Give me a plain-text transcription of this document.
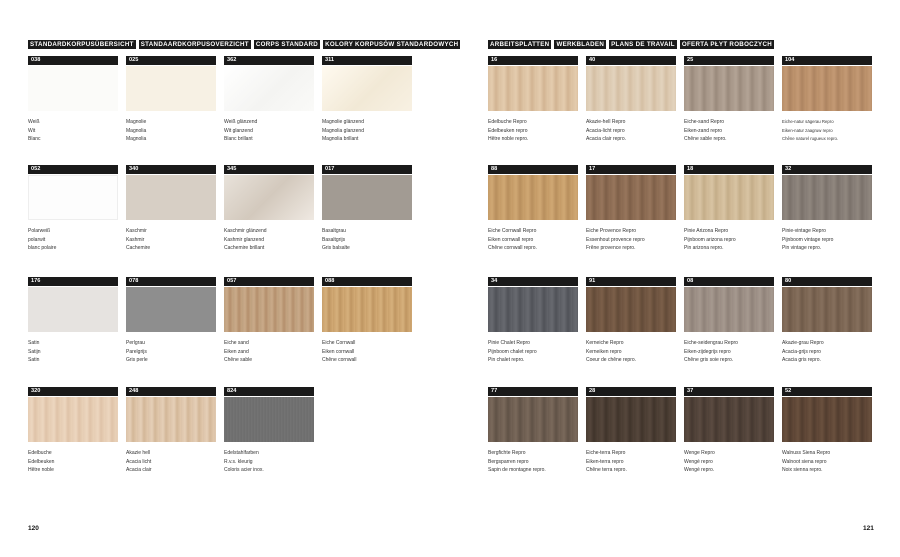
STANDARDKORPUSÜBERSICHT	STANDAARDKORPUSOVERZICHT	CORPS STANDARD	KOLORY KORPUSÓW STANDARDOWYCH
038
Weiß
Wit
Blanc
025
Magnolie
Magnolia
Magnolia
362
Weiß glänzend
Wit glanzend
Blanc brillant
311
Magnolie glänzend
Magnolia glanzend
Magnolia brillant
052
Polarweiß
polarwit
blanc polaire
340
Kaschmir
Kashmir
Cachemire
345
Kaschmir glänzend
Kashmir glanzend
Cachemire brillant
017
Basaltgrau
Basaltgrijs
Gris balsalte
176
Satin
Satijn
Satin
078
Perlgrau
Parelgrijs
Gris perle
057
Eiche sand
Eiken zand
Chêne sable
088
Eiche Cornwall
Eiken cornwall
Chêne cornwall
320
Edelbuche
Edelbeuken
Hêtre noble
248
Akazie hell
Acacia licht
Acacia clair
824
Edelstahlfarben
R.v.s. kleurig
Coloris acier inox.
120
ARBEITSPLATTEN	WERKBLADEN	PLANS DE TRAVAIL	OFERTA PŁYT ROBOCZYCH
16
Edelbuche Repro
Edelbeuken repro
Hêtre noble repro.
40
Akazie-hell Repro
Acacia-licht repro
Acacia clair repro.
25
Eiche-sand Repro
Eiken-zand repro
Chêne sable repro.
104
Eiche-natur sägerau Repro
Eiken-natur zaagruw repro
Chêne naturel rugueux repro.
88
Eiche Cornwall Repro
Eiken cornwall repro
Chêne cornwall repro.
17
Eiche Provence Repro
Essenhout provence repro
Frêne provence repro.
18
Pinie Arizona Repro
Pijnboom arizona repro
Pin arizona repro.
32
Pinie-vintage Repro
Pijnboom vintage repro
Pin vintage repro.
34
Pinie Chalet Repro
Pijnboom chalet repro
Pin chalet repro.
91
Kerneiche Repro
Kerneiken repro
Coeur de chêne repro.
08
Eiche-seidengrau Repro
Eiken-zijdegrijs repro
Chêne gris soie repro.
80
Akazie-grau Repro
Acacia-grijs repro
Acacia gris repro.
77
Bergfichte Repro
Bergsparren repro
Sapin de montagne repro.
28
Eiche-terra Repro
Eiken-terra repro
Chêne terra repro.
37
Wenge Repro
Wengé repro
Wengé repro.
52
Walnuss Siena Repro
Walnoot siena repro
Noix sienna repro.
121
